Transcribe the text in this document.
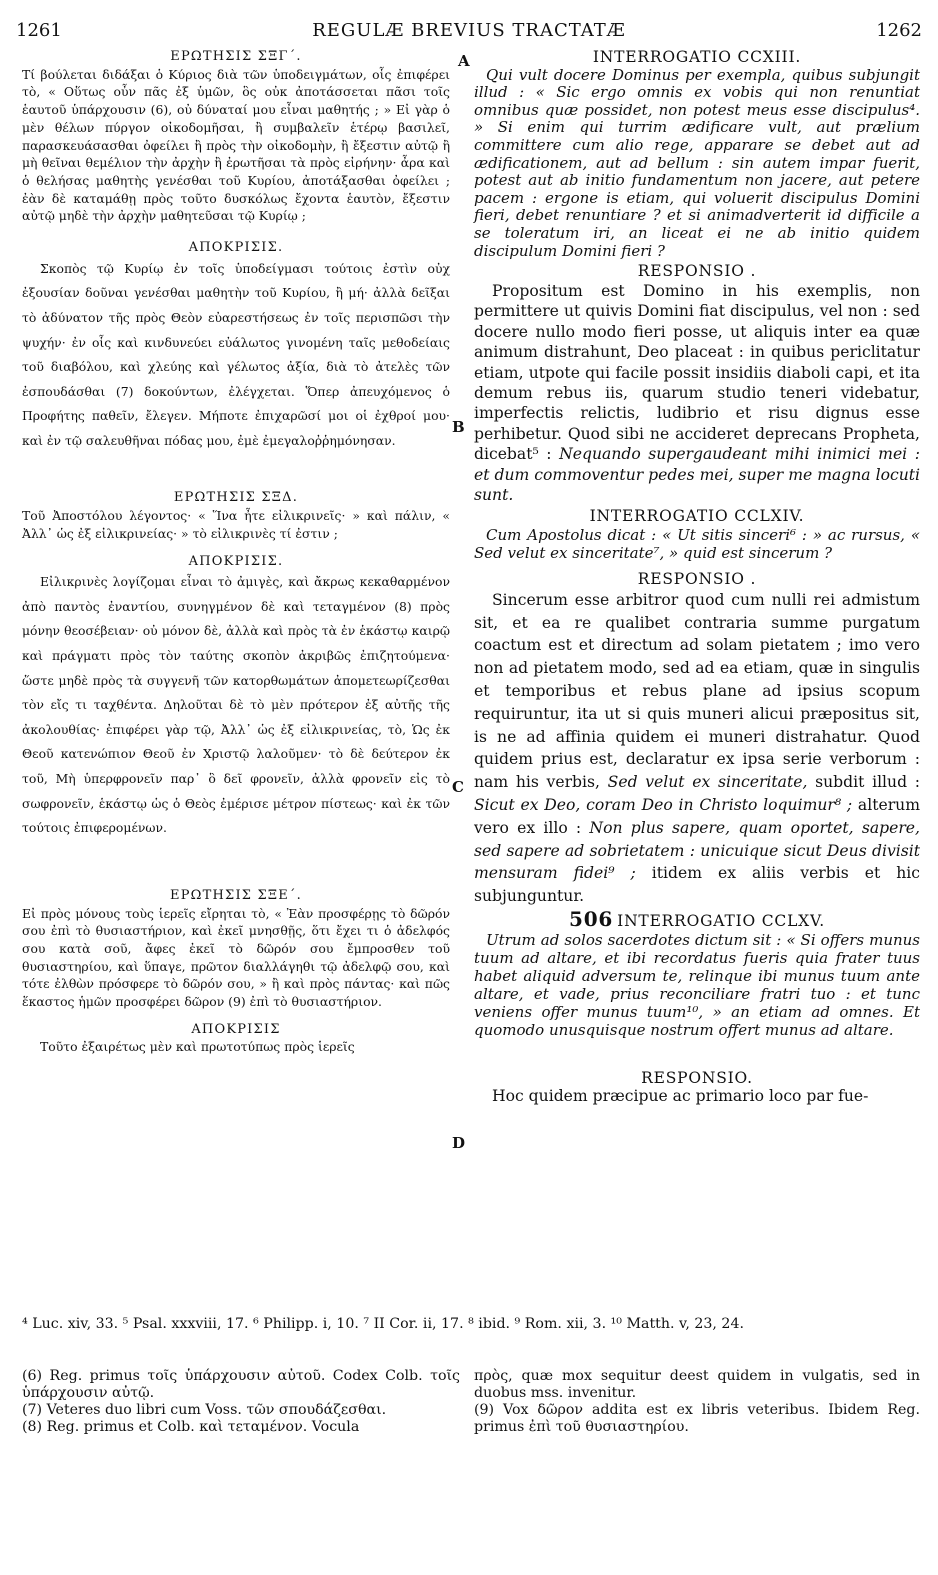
1261	REGULÆ BREVIUS TRACTATÆ	1262
A
B
C
D

ΕΡΩΤΗΣΙΣ ΣΞΓ΄.

Τί βούλεται διδάξαι ὁ Κύριος διὰ τῶν ὑποδειγμάτων, οἷς ἐπιφέρει τὸ, « Οὕτως οὖν πᾶς ἐξ ὑμῶν, ὃς οὐκ ἀποτάσσεται πᾶσι τοῖς ἑαυτοῦ ὑπάρχουσιν (6), οὐ δύναταί μου εἶναι μαθητής ; » Εἰ γὰρ ὁ μὲν θέλων πύργον οἰκοδομῆσαι, ἢ συμβαλεῖν ἑτέρῳ βασιλεῖ, παρασκευάσασθαι ὀφείλει ἢ πρὸς τὴν οἰκοδομὴν, ἢ ἔξεστιν αὐτῷ ἢ μὴ θεῖναι θεμέλιον τὴν ἀρχὴν ἢ ἐρωτῆσαι τὰ πρὸς εἰρήνην· ἆρα καὶ ὁ θελήσας μαθητὴς γενέσθαι τοῦ Κυρίου, ἀποτάξασθαι ὀφείλει ; ἐὰν δὲ καταμάθῃ πρὸς τοῦτο δυσκόλως ἔχοντα ἑαυτὸν, ἔξεστιν αὐτῷ μηδὲ τὴν ἀρχὴν μαθητεῦσαι τῷ Κυρίῳ ;

ΑΠΟΚΡΙΣΙΣ.

Σκοπὸς τῷ Κυρίῳ ἐν τοῖς ὑποδείγμασι τούτοις ἐστὶν οὐχ ἐξουσίαν δοῦναι γενέσθαι μαθητὴν τοῦ Κυρίου, ἢ μή· ἀλλὰ δεῖξαι τὸ ἀδύνατον τῆς πρὸς Θεὸν εὐαρεστήσεως ἐν τοῖς περισπῶσι τὴν ψυχήν· ἐν οἷς καὶ κινδυνεύει εὐάλωτος γινομένη ταῖς μεθοδείαις τοῦ διαβόλου, καὶ χλεύης καὶ γέλωτος ἀξία, διὰ τὸ ἀτελὲς τῶν ἐσπουδάσθαι (7) δοκούντων, ἐλέγχεται. Ὅπερ ἀπευχόμενος ὁ Προφήτης παθεῖν, ἔλεγεν. Μήποτε ἐπιχαρῶσί μοι οἱ ἐχθροί μου· καὶ ἐν τῷ σαλευθῆναι πόδας μου, ἐμὲ ἐμεγαλοῤῥημόνησαν.

ΕΡΩΤΗΣΙΣ ΣΞΔ.

Τοῦ Ἀποστόλου λέγοντος· « Ἵνα ἦτε εἰλικρινεῖς· » καὶ πάλιν, « Ἀλλ᾽ ὡς ἐξ εἰλικρινείας· » τὸ εἰλικρινὲς τί ἐστιν ;

ΑΠΟΚΡΙΣΙΣ.

Εἰλικρινὲς λογίζομαι εἶναι τὸ ἀμιγὲς, καὶ ἄκρως κεκαθαρμένον ἀπὸ παντὸς ἐναντίου, συνηγμένον δὲ καὶ τεταγμένον (8) πρὸς μόνην θεοσέβειαν· οὐ μόνον δὲ, ἀλλὰ καὶ πρὸς τὰ ἐν ἑκάστῳ καιρῷ καὶ πράγματι πρὸς τὸν ταύτης σκοπὸν ἀκριβῶς ἐπιζητούμενα· ὥστε μηδὲ πρὸς τὰ συγγενῆ τῶν κατορθωμάτων ἀπομετεωρίζεσθαι τὸν εἴς τι ταχθέντα. Δηλοῦται δὲ τὸ μὲν πρότερον ἐξ αὐτῆς τῆς ἀκολουθίας· ἐπιφέρει γὰρ τῷ, Ἀλλ᾽ ὡς ἐξ εἰλικρινείας, τὸ, Ὡς ἐκ Θεοῦ κατενώπιον Θεοῦ ἐν Χριστῷ λαλοῦμεν· τὸ δὲ δεύτερον ἐκ τοῦ, Μὴ ὑπερφρονεῖν παρ᾽ ὃ δεῖ φρονεῖν, ἀλλὰ φρονεῖν εἰς τὸ σωφρονεῖν, ἑκάστῳ ὡς ὁ Θεὸς ἐμέρισε μέτρον πίστεως· καὶ ἐκ τῶν τούτοις ἐπιφερομένων.

ΕΡΩΤΗΣΙΣ ΣΞΕ΄.

Εἰ πρὸς μόνους τοὺς ἱερεῖς εἴρηται τὸ, « Ἐὰν προσφέρῃς τὸ δῶρόν σου ἐπὶ τὸ θυσιαστήριον, καὶ ἐκεῖ μνησθῇς, ὅτι ἔχει τι ὁ ἀδελφός σου κατὰ σοῦ, ἄφες ἐκεῖ τὸ δῶρόν σου ἔμπροσθεν τοῦ θυσιαστηρίου, καὶ ὕπαγε, πρῶτον διαλλάγηθι τῷ ἀδελφῷ σου, καὶ τότε ἐλθὼν πρόσφερε τὸ δῶρόν σου, » ἢ καὶ πρὸς πάντας· καὶ πῶς ἕκαστος ἡμῶν προσφέρει δῶρον (9) ἐπὶ τὸ θυσιαστήριον.

ΑΠΟΚΡΙΣΙΣ

Τοῦτο ἐξαιρέτως μὲν καὶ πρωτοτύπως πρὸς ἱερεῖς

INTERROGATIO CCXIII.

Qui vult docere Dominus per exempla, quibus subjungit illud : « Sic ergo omnis ex vobis qui non renuntiat omnibus quæ possidet, non potest meus esse discipulus⁴. » Si enim qui turrim ædificare vult, aut prælium committere cum alio rege, apparare se debet aut ad ædificationem, aut ad bellum : sin autem impar fuerit, potest aut ab initio fundamentum non jacere, aut petere pacem : ergone is etiam, qui voluerit discipulus Domini fieri, debet renuntiare ? et si animadverterit id difficile a se toleratum iri, an liceat ei ne ab initio quidem discipulum Domini fieri ?

RESPONSIO .

Propositum est Domino in his exemplis, non permittere ut quivis Domini fiat discipulus, vel non : sed docere nullo modo fieri posse, ut aliquis inter ea quæ animum distrahunt, Deo placeat : in quibus periclitatur etiam, utpote qui facile possit insidiis diaboli capi, et ita demum rebus iis, quarum studio teneri videbatur, imperfectis relictis, ludibrio et risu dignus esse perhibetur. Quod sibi ne accideret deprecans Propheta, dicebat⁵ : Nequando supergaudeant mihi inimici mei : et dum commoventur pedes mei, super me magna locuti sunt.

INTERROGATIO CCLXIV.

Cum Apostolus dicat : « Ut sitis sinceri⁶ : » ac rursus, « Sed velut ex sinceritate⁷, » quid est sincerum ?

RESPONSIO .

Sincerum esse arbitror quod cum nulli rei admistum sit, et ea re qualibet contraria summe purgatum coactum est et directum ad solam pietatem ; imo vero non ad pietatem modo, sed ad ea etiam, quæ in singulis et temporibus et rebus plane ad ipsius scopum requiruntur, ita ut si quis muneri alicui præpositus sit, is ne ad affinia quidem ei muneri distrahatur. Quod quidem prius est, declaratur ex ipsa serie verborum : nam his verbis, Sed velut ex sinceritate, subdit illud : Sicut ex Deo, coram Deo in Christo loquimur⁸ ; alterum vero ex illo : Non plus sapere, quam oportet, sapere, sed sapere ad sobrietatem : unicuique sicut Deus divisit mensuram fidei⁹ ; itidem ex aliis verbis et hic subjunguntur.

506 INTERROGATIO CCLXV.

Utrum ad solos sacerdotes dictum sit : « Si offers munus tuum ad altare, et ibi recordatus fueris quia frater tuus habet aliquid adversum te, relinque ibi munus tuum ante altare, et vade, prius reconciliare fratri tuo : et tunc veniens offer munus tuum¹⁰, » an etiam ad omnes. Et quomodo unusquisque nostrum offert munus ad altare.

RESPONSIO.

Hoc quidem præcipue ac primario loco par fue-

⁴ Luc. xiv, 33. ⁵ Psal. xxxviii, 17. ⁶ Philipp. i, 10. ⁷ II Cor. ii, 17. ⁸ ibid. ⁹ Rom. xii, 3. ¹⁰ Matth. v, 23, 24.

(6) Reg. primus τοῖς ὑπάρχουσιν αὐτοῦ. Codex Colb. τοῖς ὑπάρχουσιν αὐτῷ.

(7) Veteres duo libri cum Voss. τῶν σπουδάζεσθαι.

(8) Reg. primus et Colb. καὶ τεταμένον. Vocula

πρὸς, quæ mox sequitur deest quidem in vulgatis, sed in duobus mss. invenitur.

(9) Vox δῶρον addita est ex libris veteribus. Ibidem Reg. primus ἐπὶ τοῦ θυσιαστηρίου.
